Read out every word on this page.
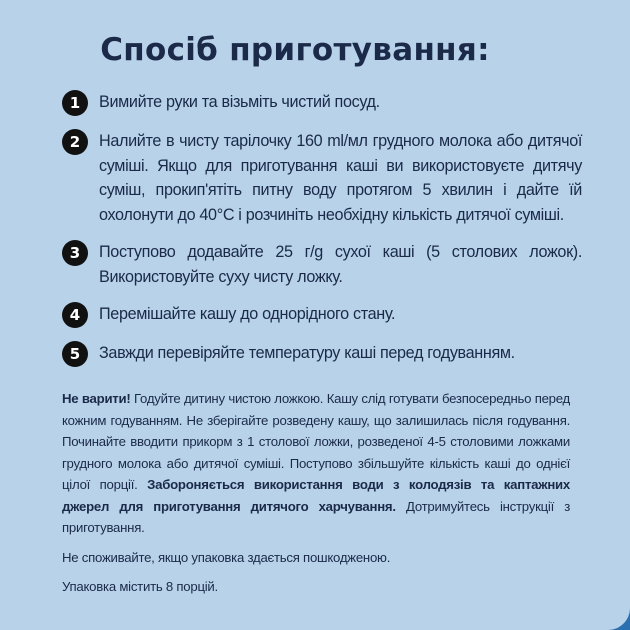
Спосіб приготування:
1	Вимийте руки та візьміть чистий посуд.
2	Налийте в чисту тарілочку 160 ml/мл грудного молока або дитячої суміші. Якщо для приготування каші ви використовуєте дитячу суміш, прокип'ятіть питну воду протягом 5 хвилин і дайте їй охолонути до 40°С і розчиніть необхідну кількість дитячої суміші.
3	Поступово додавайте 25 г/g сухої каші (5 столових ложок). Використовуйте суху чисту ложку.
4	Перемішайте кашу до однорідного стану.
5	Завжди перевіряйте температуру каші перед годуванням.

Не варити! Годуйте дитину чистою ложкою. Кашу слід готувати безпосередньо перед кожним годуванням. Не зберігайте розведену кашу, що залишилась після годування. Починайте вводити прикорм з 1 столової ложки, розведеної 4-5 столовими ложками грудного молока або дитячої суміші. Поступово збільшуйте кількість каші до однієї цілої порції. Забороняється використання води з колодязів та каптажних джерел для приготування дитячого харчування. Дотримуйтесь інструкції з приготування.

Не споживайте, якщо упаковка здається пошкодженою.

Упаковка містить 8 порцій.
